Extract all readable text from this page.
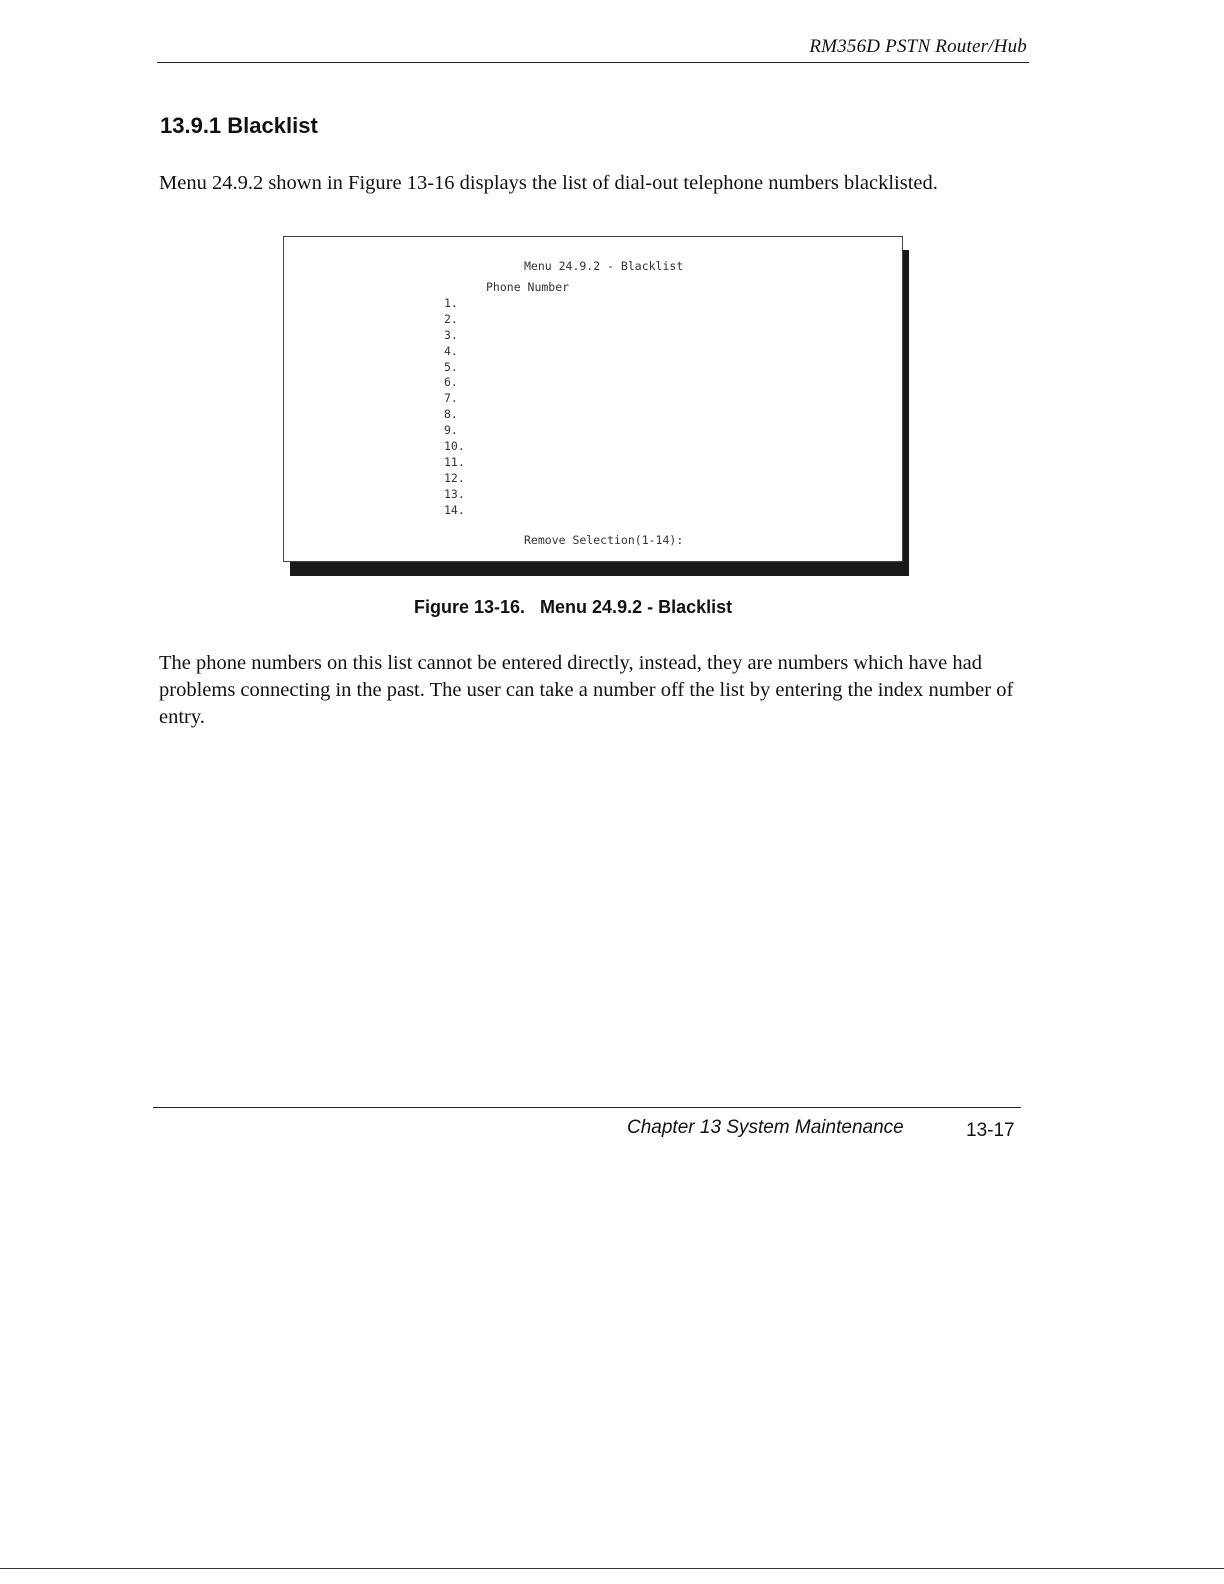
RM356D PSTN Router/Hub
13.9.1 Blacklist
Menu 24.9.2 shown in Figure 13-16 displays the list of dial-out telephone numbers blacklisted.
Menu 24.9.2 - Blacklist
Phone Number
1.
2.
3.
4.
5.
6.
7.
8.
9.
10.
11.
12.
13.
14.
Remove Selection(1-14):
Figure 13-16.   Menu 24.9.2 - Blacklist
The phone numbers on this list cannot be entered directly, instead, they are numbers which have had problems connecting in the past. The user can take a number off the list by entering the index number of entry.
Chapter 13 System Maintenance	13-17
